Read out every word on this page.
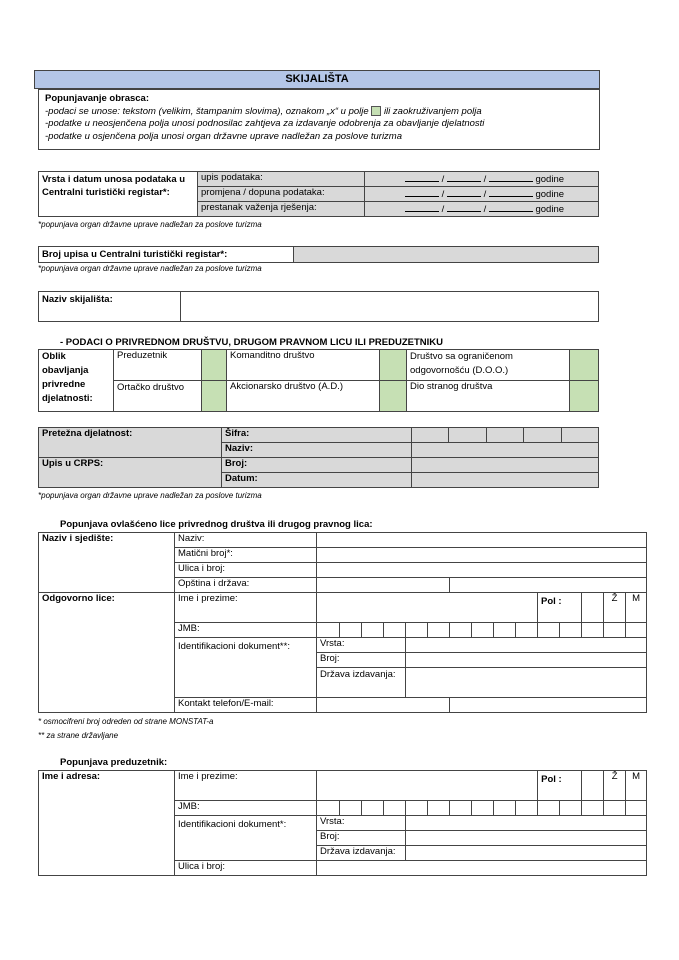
SKIJALIŠTA
Popunjavanje obrasca:
-podaci se unose: tekstom (velikim, štampanim slovima), oznakom „x“ u polje ili zaokruživanjem polja
-podatke u neosjenčena polja unosi podnosilac zahtjeva za izdavanje odobrenja za obavljanje djelatnosti
-podatke u osjenčena polja unosi organ državne uprave nadležan za poslove turizma
Vrsta i datum unosa podataka u Centralni turistički registar*:	upis podataka:	/ / godine
	promjena / dopuna podataka:	/ / godine
	prestanak važenja rješenja:	/ / godine
*popunjava organ državne uprave nadležan za poslove turizma
Broj upisa u Centralni turistički registar*:	
*popunjava organ državne uprave nadležan za poslove turizma
Naziv skijališta:	
- PODACI O PRIVREDNOM DRUŠTVU, DRUGOM PRAVNOM LICU ILI PREDUZETNIKU
Oblik obavljanja privredne djelatnosti:	Preduzetnik		Komanditno društvo		Društvo sa ograničenom odgovornošću (D.O.O.)	
	Ortačko društvo		Akcionarsko društvo (A.D.)		Dio stranog društva	
Pretežna djelatnost:	Šifra:					
	Naziv:					
Upis u CRPS:	Broj:					
	Datum:					
*popunjava organ državne uprave nadležan za poslove turizma
Popunjava ovlašćeno lice privrednog društva ili drugog pravnog lica:
Naziv i sjedište:	Naziv:															
	Matični broj*:															
	Ulica i broj:															
	Opština i država:															
Odgovorno lice:	Ime i prezime:											Pol :			Ž	M
	JMB:															
	Identifikacioni dokument**:	Vrsta:														
		Broj:														
		Država izdavanja:														
	Kontakt telefon/E-mail:															
* osmocifreni broj odreden od strane MONSTAT-a
** za strane državljane
Popunjava preduzetnik:
Ime i adresa:	Ime i prezime:											Pol :			Ž	M
	JMB:															
	Identifikacioni dokument*:	Vrsta:														
		Broj:														
		Država izdavanja:														
	Ulica i broj:															
